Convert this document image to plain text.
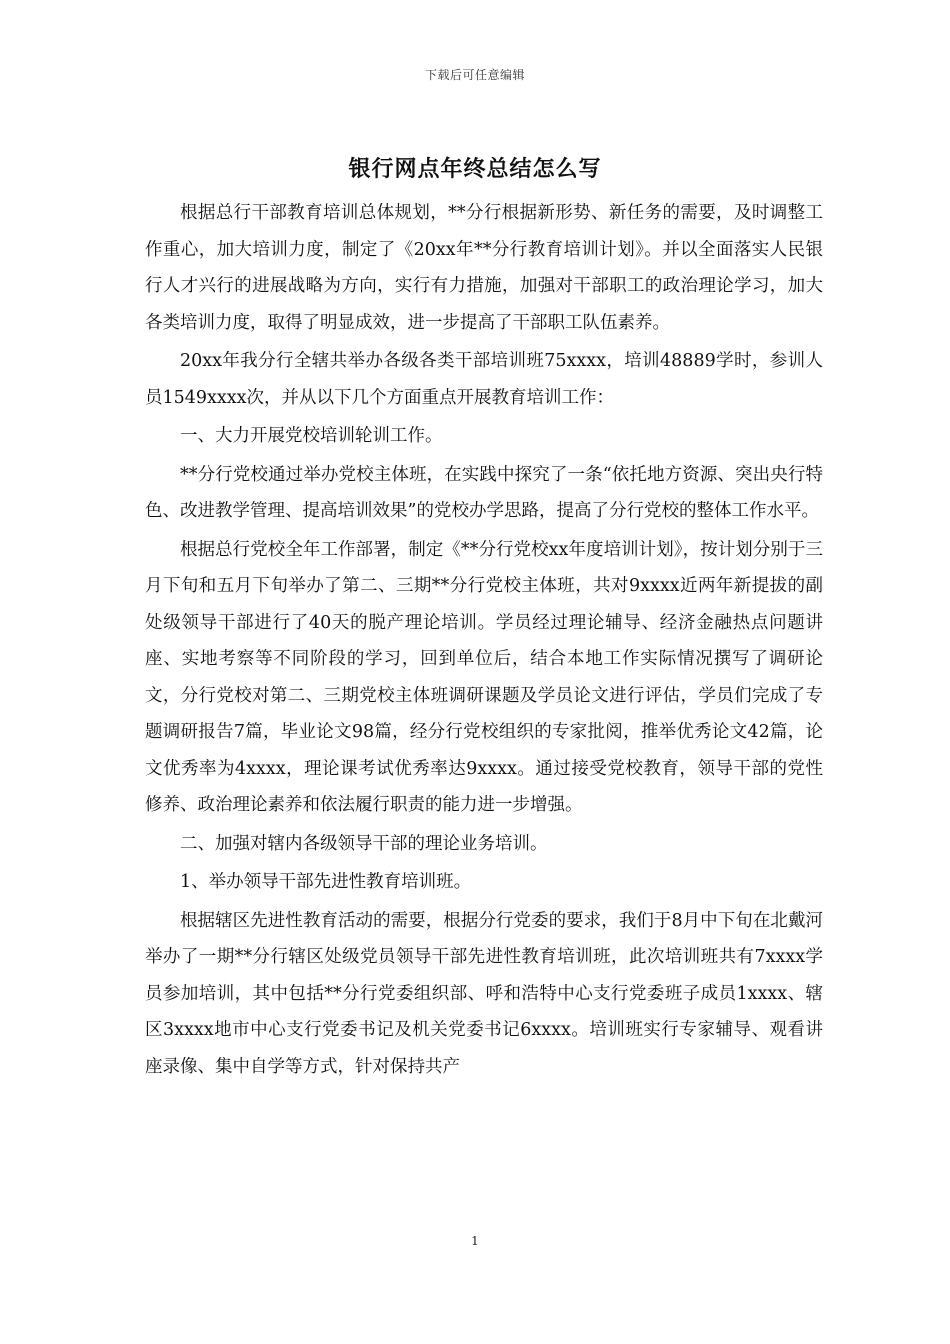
下载后可任意编辑
银行网点年终总结怎么写

根据总行干部教育培训总体规划，**分行根据新形势、新任务的需要，及时调整工作重心，加大培训力度，制定了《20xx年**分行教育培训计划》。并以全面落实人民银行人才兴行的进展战略为方向，实行有力措施，加强对干部职工的政治理论学习，加大各类培训力度，取得了明显成效，进一步提高了干部职工队伍素养。

20xx年我分行全辖共举办各级各类干部培训班75xxxx，培训48889学时，参训人员1549xxxx次，并从以下几个方面重点开展教育培训工作：

一、大力开展党校培训轮训工作。

**分行党校通过举办党校主体班，在实践中探究了一条“依托地方资源、突出央行特色、改进教学管理、提高培训效果”的党校办学思路，提高了分行党校的整体工作水平。

根据总行党校全年工作部署，制定《**分行党校xx年度培训计划》，按计划分别于三月下旬和五月下旬举办了第二、三期**分行党校主体班，共对9xxxx近两年新提拔的副处级领导干部进行了40天的脱产理论培训。学员经过理论辅导、经济金融热点问题讲座、实地考察等不同阶段的学习，回到单位后，结合本地工作实际情况撰写了调研论文，分行党校对第二、三期党校主体班调研课题及学员论文进行评估，学员们完成了专题调研报告7篇，毕业论文98篇，经分行党校组织的专家批阅，推举优秀论文42篇，论文优秀率为4xxxx，理论课考试优秀率达9xxxx。通过接受党校教育，领导干部的党性修养、政治理论素养和依法履行职责的能力进一步增强。

二、加强对辖内各级领导干部的理论业务培训。

1、举办领导干部先进性教育培训班。

根据辖区先进性教育活动的需要，根据分行党委的要求，我们于8月中下旬在北戴河举办了一期**分行辖区处级党员领导干部先进性教育培训班，此次培训班共有7xxxx学员参加培训，其中包括**分行党委组织部、呼和浩特中心支行党委班子成员1xxxx、辖区3xxxx地市中心支行党委书记及机关党委书记6xxxx。培训班实行专家辅导、观看讲座录像、集中自学等方式，针对保持共产

1
